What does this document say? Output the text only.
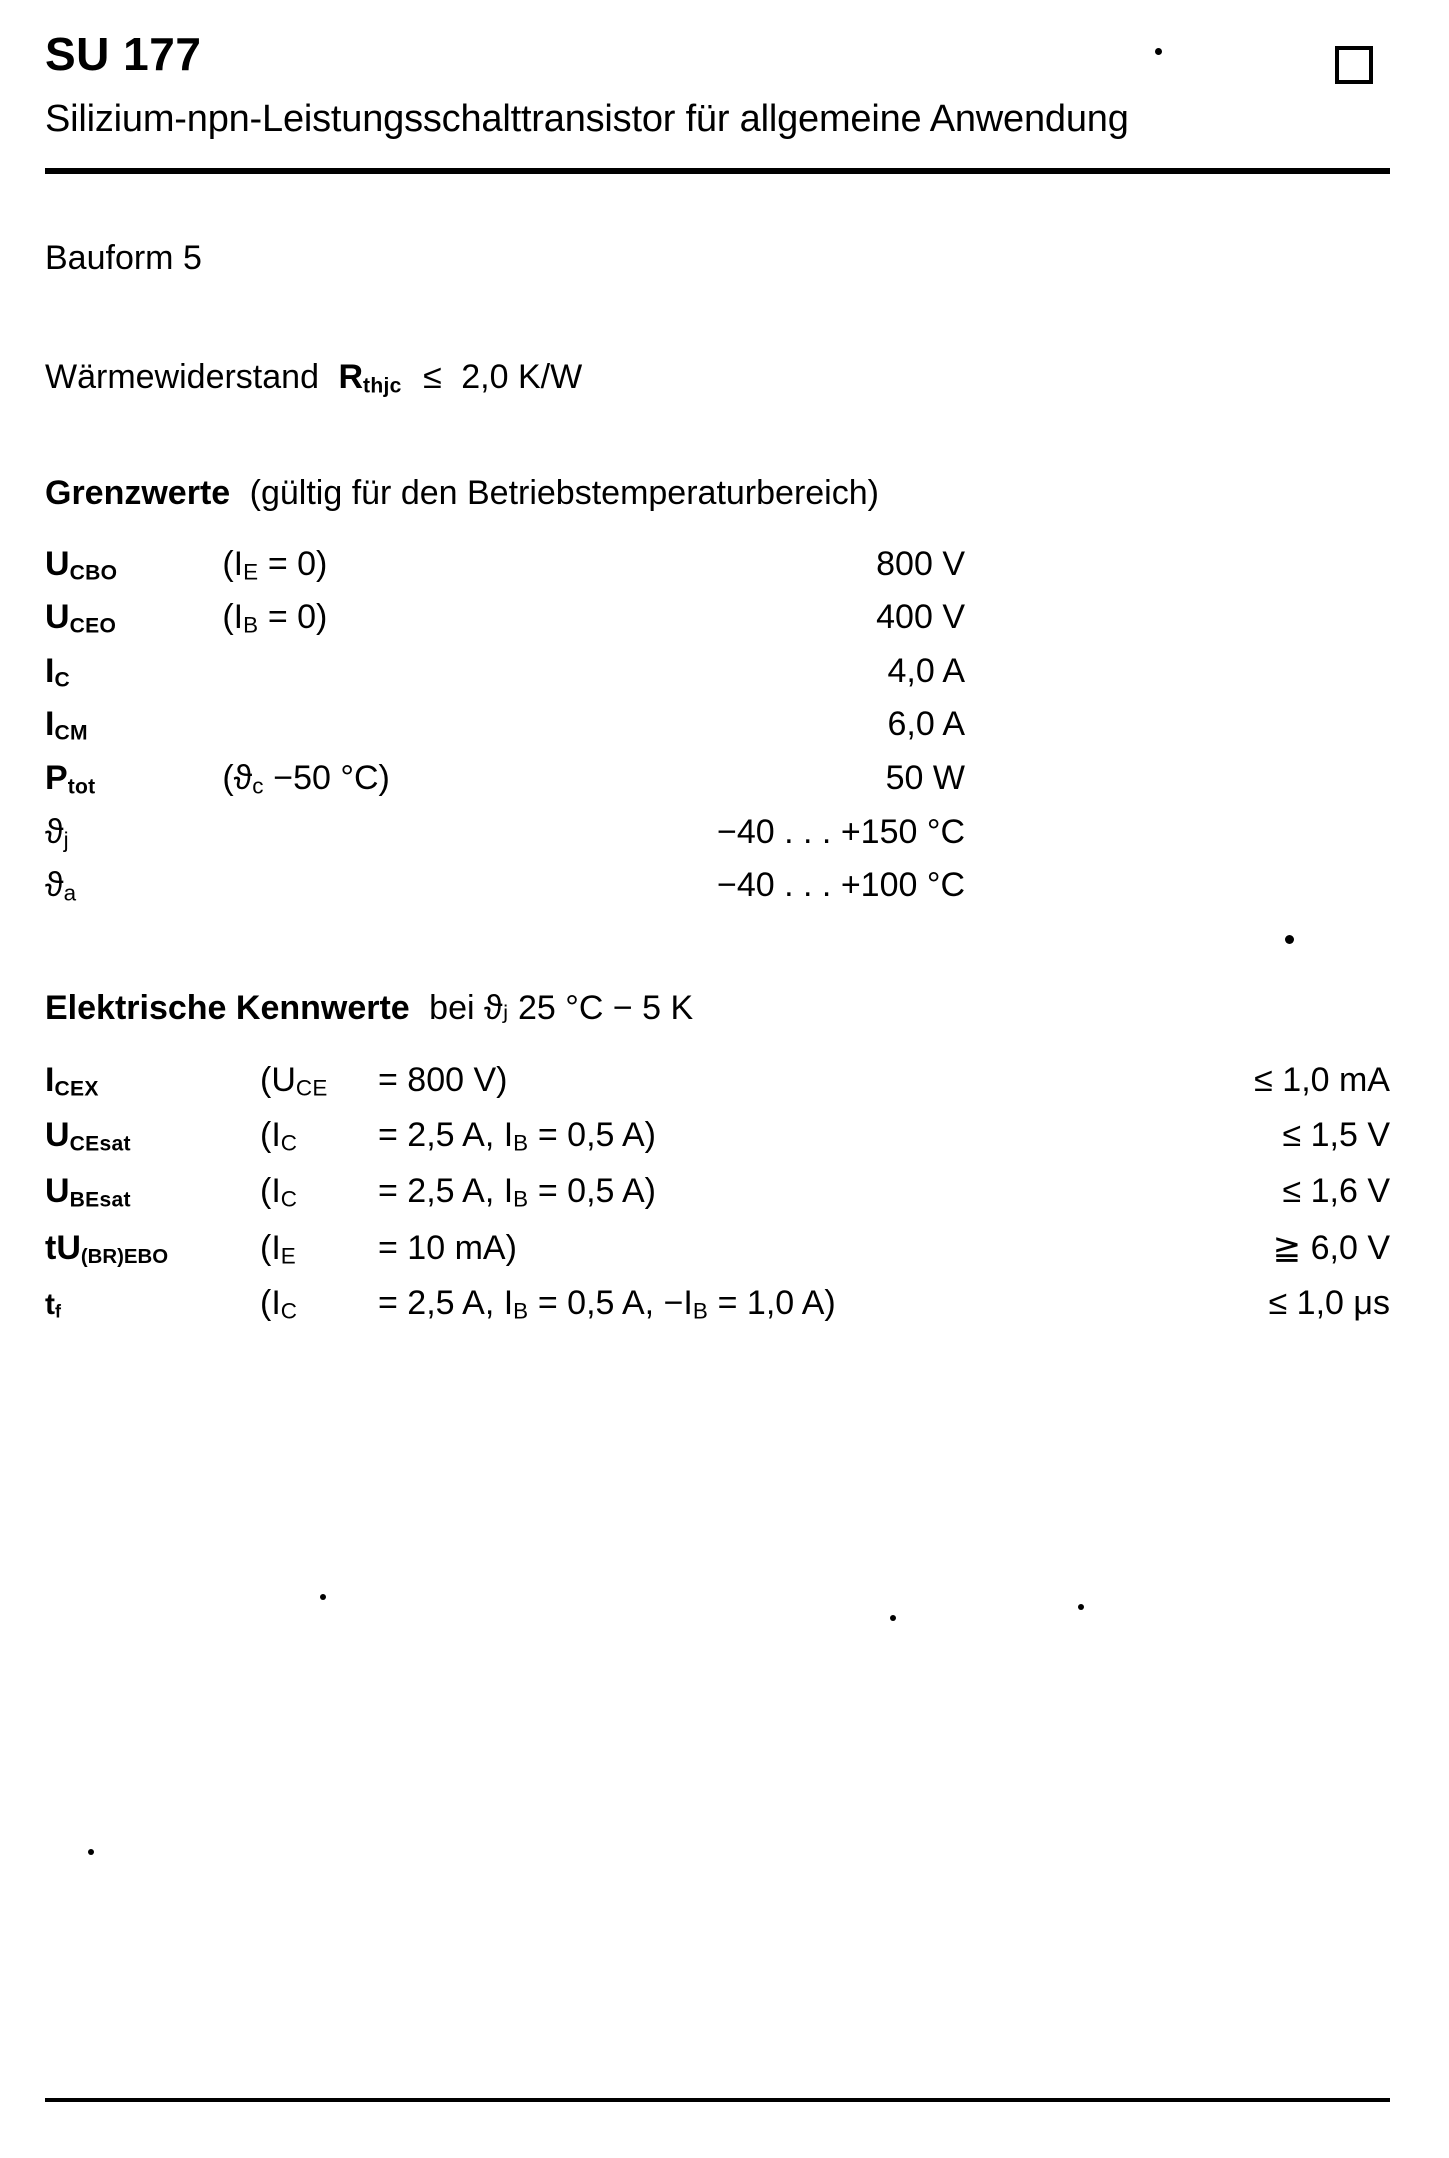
SU 177
Silizium-npn-Leistungsschalttransistor für allgemeine Anwendung
Bauform 5
Wärmewiderstand $R_{thjc} \le 2,0$ K/W
Grenzwerte (gültig für den Betriebstemperaturbereich)
$U_{CBO}$	(IE = 0)	800 V
$U_{CEO}$	(IB = 0)	400 V
$I_C$		4,0 A
$I_{CM}$		6,0 A
$P_{tot}$	(ϑc −50 °C)	50 W
ϑj		−40 . . . +150 °C
ϑa		−40 . . . +100 °C
Elektrische Kennwerte bei ϑⱼ 25 °C − 5 K
$I_{CEX}$	(UCE	= 800 V)	≤ 1,0 mA
$U_{CEsat}$	(IC	= 2,5 A, IB = 0,5 A)	≤ 1,5 V
$U_{BEsat}$	(IC	= 2,5 A, IB = 0,5 A)	≤ 1,6 V
tU(BR)EBO	(IE	= 10 mA)	≧ 6,0 V
tf	(IC	= 2,5 A, IB = 0,5 A, −IB = 1,0 A)	≤ 1,0 μs
